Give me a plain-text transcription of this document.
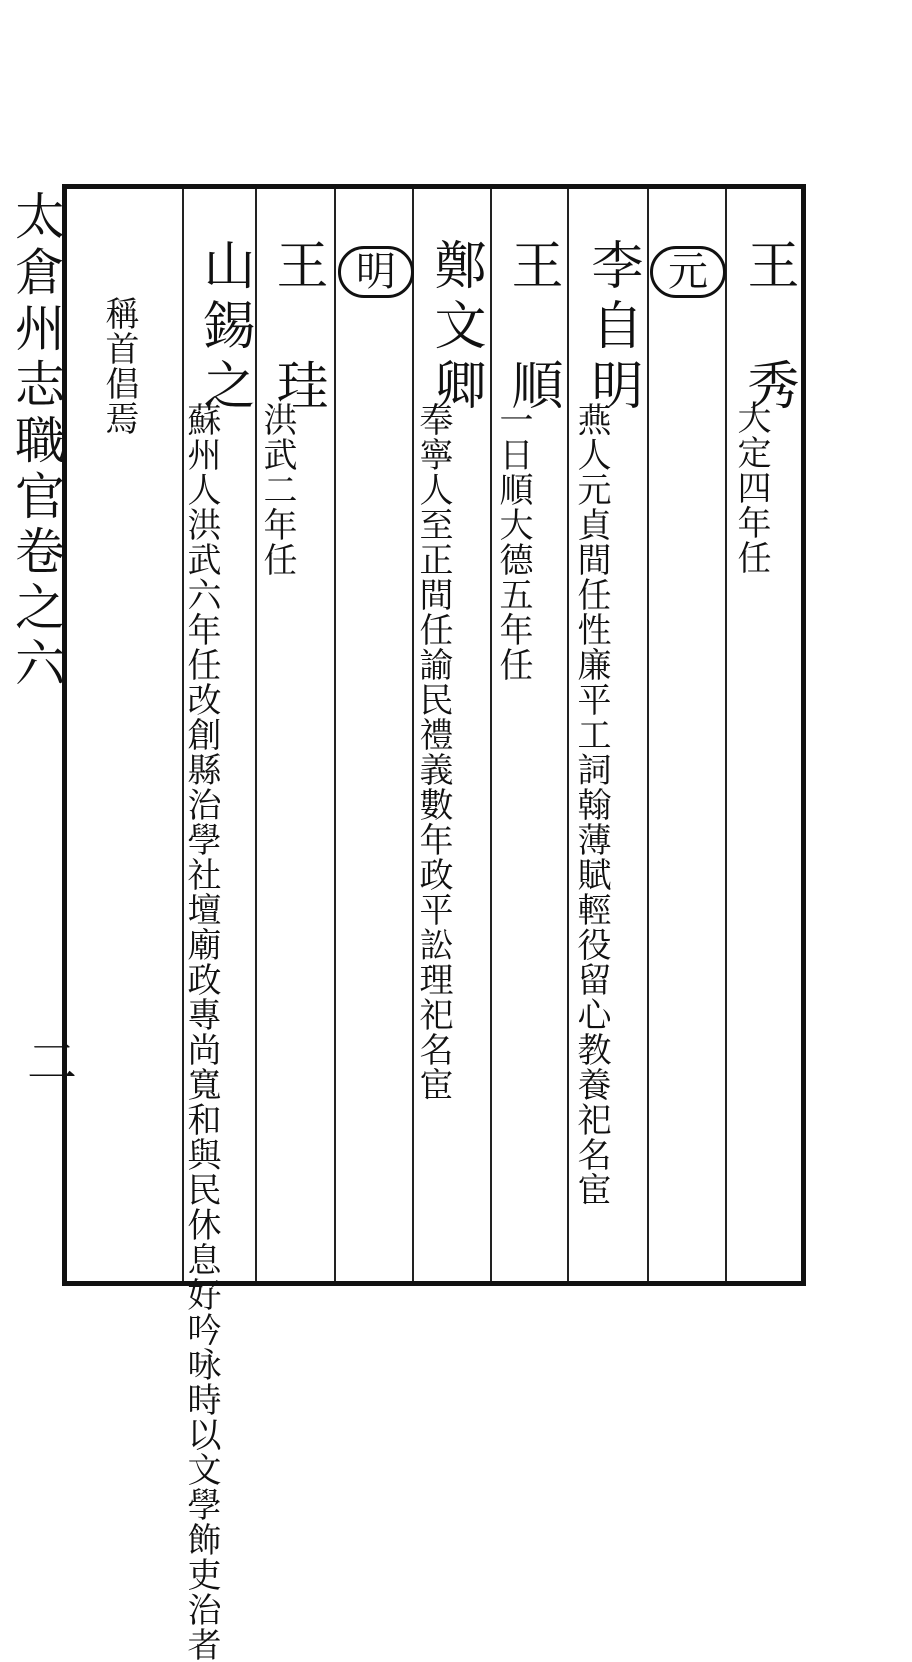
太倉州志職官
卷之六
二
王　秀
大定四年任
元
李自明
燕人元貞間任性廉平工詞翰薄賦輕役留心教養祀名宦
王　順
一日順大德五年任
鄭文卿
奉寧人至正間任諭民禮義數年政平訟理祀名宦
明
王　珪
洪武二年任
山錫之
蘇州人洪武六年任改創縣治學社壇廟政專尚寬和與民休息好吟咏時以文學飾吏治者
稱首倡焉
